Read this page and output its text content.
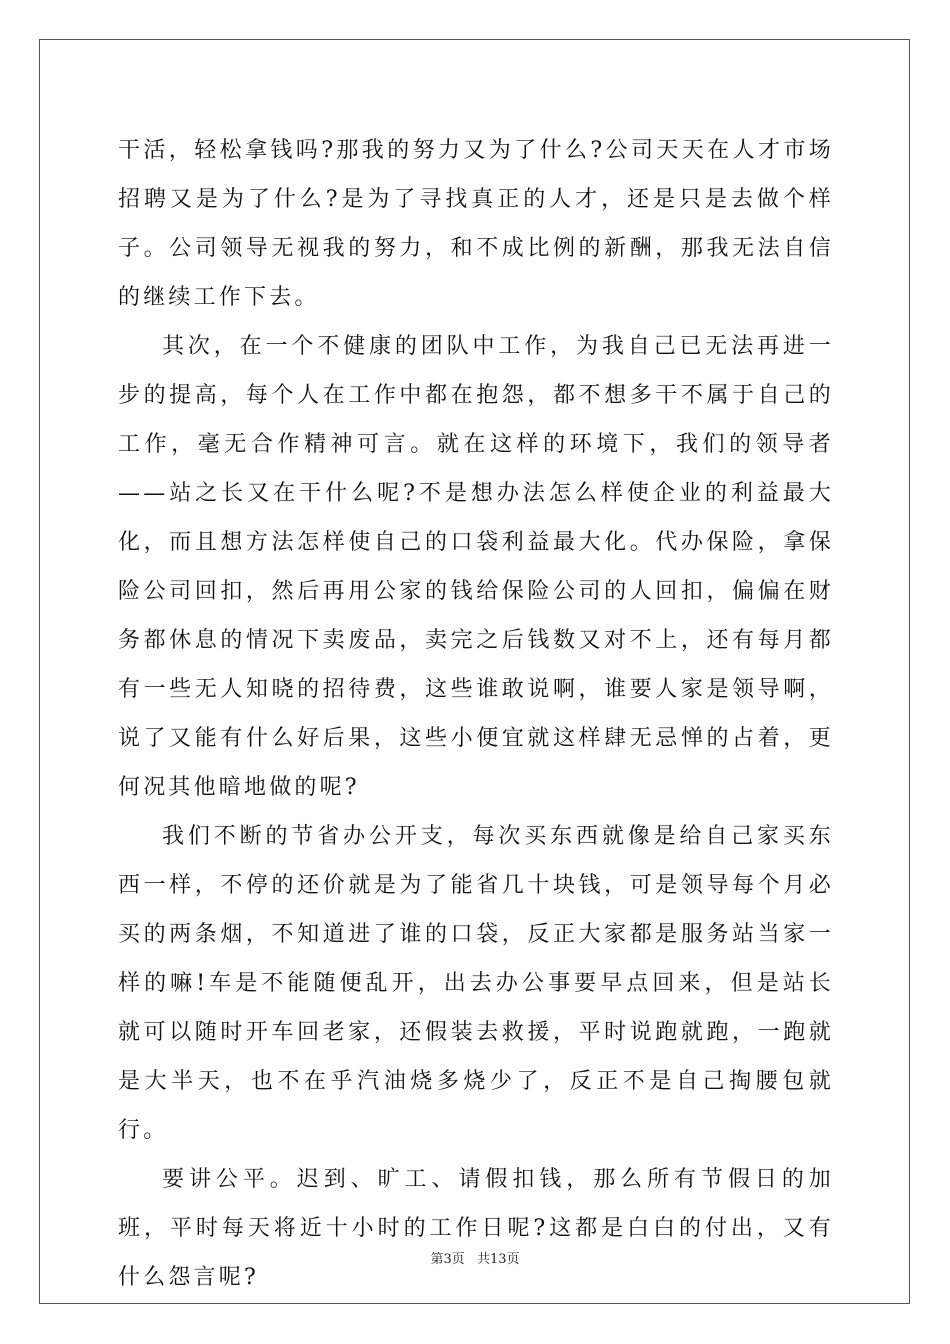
干活，轻松拿钱吗?那我的努力又为了什么?公司天天在人才市场招聘又是为了什么?是为了寻找真正的人才，还是只是去做个样子。公司领导无视我的努力，和不成比例的新酬，那我无法自信的继续工作下去。

其次，在一个不健康的团队中工作，为我自己已无法再进一步的提高，每个人在工作中都在抱怨，都不想多干不属于自己的工作，毫无合作精神可言。就在这样的环境下，我们的领导者——站之长又在干什么呢?不是想办法怎么样使企业的利益最大化，而且想方法怎样使自己的口袋利益最大化。代办保险，拿保险公司回扣，然后再用公家的钱给保险公司的人回扣，偏偏在财务都休息的情况下卖废品，卖完之后钱数又对不上，还有每月都有一些无人知晓的招待费，这些谁敢说啊，谁要人家是领导啊，说了又能有什么好后果，这些小便宜就这样肆无忌惮的占着，更何况其他暗地做的呢?

我们不断的节省办公开支，每次买东西就像是给自己家买东西一样，不停的还价就是为了能省几十块钱，可是领导每个月必买的两条烟，不知道进了谁的口袋，反正大家都是服务站当家一样的嘛!车是不能随便乱开，出去办公事要早点回来，但是站长就可以随时开车回老家，还假装去救援，平时说跑就跑，一跑就是大半天，也不在乎汽油烧多烧少了，反正不是自己掏腰包就行。

要讲公平。迟到、旷工、请假扣钱，那么所有节假日的加班，平时每天将近十小时的工作日呢?这都是白白的付出，又有什么怨言呢?

第3页 共13页
